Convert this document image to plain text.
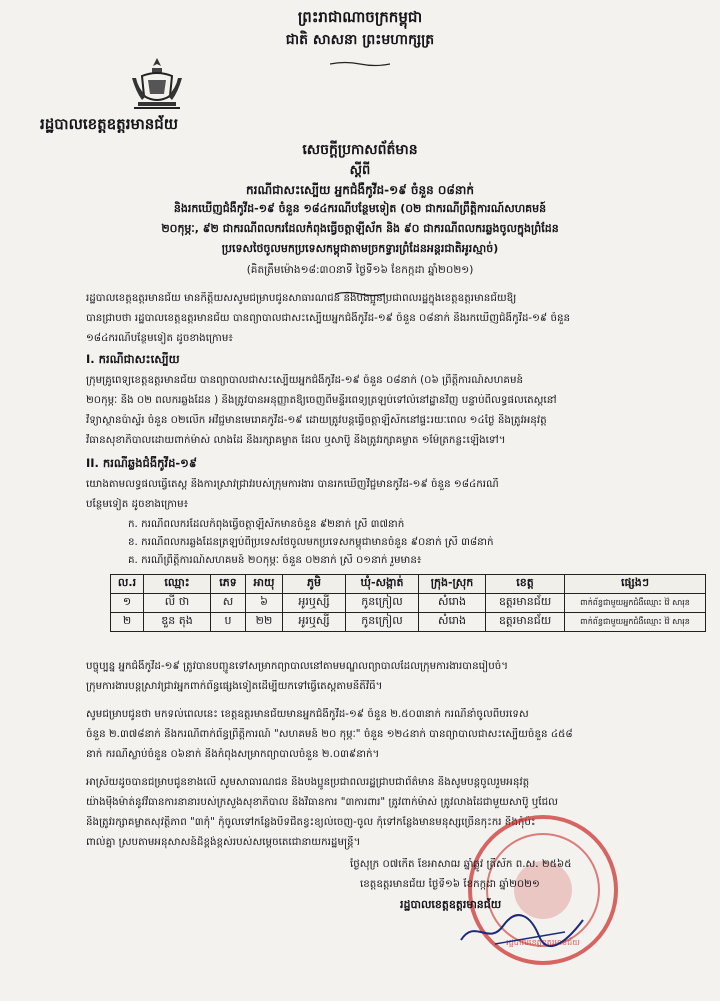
ព្រះរាជាណាចក្រកម្ពុជា
ជាតិ សាសនា ព្រះមហាក្សត្រ
រដ្ឋបាលខេត្តឧត្តរមានជ័យ
សេចក្តីប្រកាសព័ត៌មាន
ស្តីពី
ករណីជាសះស្បើយ អ្នកជំងឺកូវីដ-១៩ ចំនួន ០៨នាក់
និងរកឃើញជំងឺកូវីដ-១៩ ចំនួន ១៨៤ករណីបន្ថែមទៀត (០២ ជាករណីព្រឹត្តិការណ៍សហគមន៍
២០កុម្ភៈ, ៩២ ជាករណីពលករដែលកំពុងធ្វើចត្តាឡីស័ក និង ៩០ ជាករណីពលករឆ្លងចូលក្នុងព្រំដែន
ប្រទេសថៃចូលមកប្រទេសកម្ពុជាតាមច្រកទ្វារព្រំដែនអន្តរជាតិអូរស្មាច់)
(គិតត្រឹមម៉ោង១៨:៣០នាទី ថ្ងៃទី១៦ ខែកក្កដា ឆ្នាំ២០២១)
រដ្ឋបាលខេត្តឧត្តរមានជ័យ មានកិត្តិយសសូមជម្រាបជូនសាធារណជន និងបងប្អូនប្រជាពលរដ្ឋក្នុងខេត្តឧត្តរមានជ័យឱ្យ
បានជ្រាបថា រដ្ឋបាលខេត្តឧត្តរមានជ័យ បានព្យាបាលជាសះស្បើយអ្នកជំងឺកូវីដ-១៩ ចំនួន ០៨នាក់ និងរកឃើញជំងឺកូវីដ-១៩ ចំនួន
១៨៤ករណីបន្ថែមទៀត ដូចខាងក្រោម៖
I. ករណីជាសះស្បើយ
ក្រុមគ្រូពេទ្យខេត្តឧត្តរមានជ័យ បានព្យាបាលជាសះស្បើយអ្នកជំងឺកូវីដ-១៩ ចំនួន ០៨នាក់ (០៦ ព្រឹត្តិការណ៍សហគមន៍
២០កុម្ភៈ និង ០២ ពលករឆ្លងដែន ) និងត្រូវបានអនុញ្ញាតឱ្យចេញពីមន្ទីរពេទ្យត្រឡប់ទៅលំនៅដ្ឋានវិញ បន្ទាប់ពីលទ្ធផលតេស្តនៅ
វិទ្យាស្ថានប៉ាស្ទ័រ ចំនួន ០២លើក អវិជ្ជមានមេរោគកូវីដ-១៩ ដោយត្រូវបន្តធ្វើចត្តាឡីស័កនៅផ្ទះរយៈពេល ១៤ថ្ងៃ និងត្រូវអនុវត្ត
វិធានសុខាភិបាលដោយពាក់ម៉ាស់ លាងដៃ និងរក្សាគម្លាត ដែល ឬសាប៊ូ និងត្រូវរក្សាគម្លាត ១ម៉ែត្រកន្លះឡើងទៅ។
II. ករណីឆ្លងជំងឺកូវីដ-១៩
យោងតាមលទ្ធផលធ្វើតេស្ត និងការស្រាវជ្រាវរបស់ក្រុមការងារ បានរកឃើញវិជ្ជមានកូវីដ-១៩ ចំនួន ១៨៤ករណី
បន្ថែមទៀត ដូចខាងក្រោម៖
ក. ករណីពលករដែលកំពុងធ្វើចត្តាឡីស័កមានចំនួន ៩២នាក់ ស្រី ៣៧នាក់
ខ. ករណីពលករឆ្លងដែនត្រឡប់ពីប្រទេសថៃចូលមកប្រទេសកម្ពុជាមានចំនួន ៩០នាក់ ស្រី ៣៨នាក់
គ. ករណីព្រឹត្តិការណ៍សហគមន៍ ២០កុម្ភៈ ចំនួន ០២នាក់ ស្រី ០១នាក់ រួមមាន៖
ល.រ	ឈ្មោះ	ភេទ	អាយុ	ភូមិ	ឃុំ-សង្កាត់	ក្រុង-ស្រុក	ខេត្ត	ផ្សេងៗ
១	លី ថា	ស	៦	អូរឬស្សី	កូនក្រៀល	សំរោង	ឧត្តរមានជ័យ	ពាក់ព័ន្ធជាមួយអ្នកជំងឺឈ្មោះ វ៉ៃ សារុន
២	ឌួន តុង	ប	២២	អូរឬស្សី	កូនក្រៀល	សំរោង	ឧត្តរមានជ័យ	ពាក់ព័ន្ធជាមួយអ្នកជំងឺឈ្មោះ វ៉ៃ សារុន
បច្ចុប្បន្ន អ្នកជំងឺកូវីដ-១៩ ត្រូវបានបញ្ជូនទៅសម្រាកព្យាបាលនៅតាមមណ្ឌលព្យាបាលដែលក្រុមការងារបានរៀបចំ។
ក្រុមការងារបន្តស្រាវជ្រាវអ្នកពាក់ព័ន្ធផ្សេងទៀតដើម្បីយកទៅធ្វើតេស្តតាមនីតិវិធី។
សូមជម្រាបជូនថា មកទល់ពេលនេះ ខេត្តឧត្តរមានជ័យមានអ្នកជំងឺកូវីដ-១៩ ចំនួន ២.៥០៣នាក់ ករណីនាំចូលពីបរទេស
ចំនួន ២.៣៧៨នាក់ និងករណីពាក់ព័ន្ធព្រឹត្តិការណ៍ "សហគមន៍ ២០ កុម្ភៈ" ចំនួន ១២៤នាក់ បានព្យាបាលជាសះស្បើយចំនួន ៤៥៨
នាក់ ករណីស្លាប់ចំនួន ០៦នាក់ និងកំពុងសម្រាកព្យាបាលចំនួន ២.០៣៩នាក់។
អាស្រ័យដូចបានជម្រាបជូនខាងលើ សូមសាធារណជន និងបងប្អូនប្រជាពលរដ្ឋជ្រាបជាព័ត៌មាន និងសូមបន្តចូលរួមអនុវត្ត
យ៉ាងម៉ឺងម៉ាត់នូវវិធានការនានារបស់ក្រសួងសុខាភិបាល និងវិធានការ "៣ការពារ" ត្រូវពាក់ម៉ាស់ ត្រូវលាងដៃជាមួយសាប៊ូ ឬជែល
និងត្រូវរក្សាគម្លាតសុវត្ថិភាព "៣កុំ" កុំចូលទៅកន្លែងបិទជិតខ្វះខ្យល់ចេញ-ចូល កុំទៅកន្លែងមានមនុស្សច្រើនកុះករ និងកុំប៉ះ
ពាល់គ្នា ស្របតាមអនុសាសន៍ដ៏ខ្ពង់ខ្ពស់របស់សម្តេចតេជោនាយករដ្ឋមន្ត្រី។
រដ្ឋបាលខេត្តឧត្តរមានជ័យ
ថ្ងៃសុក្រ ០៧កើត ខែអាសាឍ ឆ្នាំឆ្លូវ ត្រីស័ក ព.ស. ២៥៦៥
ខេត្តឧត្តរមានជ័យ ថ្ងៃទី១៦ ខែកក្កដា ឆ្នាំ២០២១
រដ្ឋបាលខេត្តឧត្តរមានជ័យ
